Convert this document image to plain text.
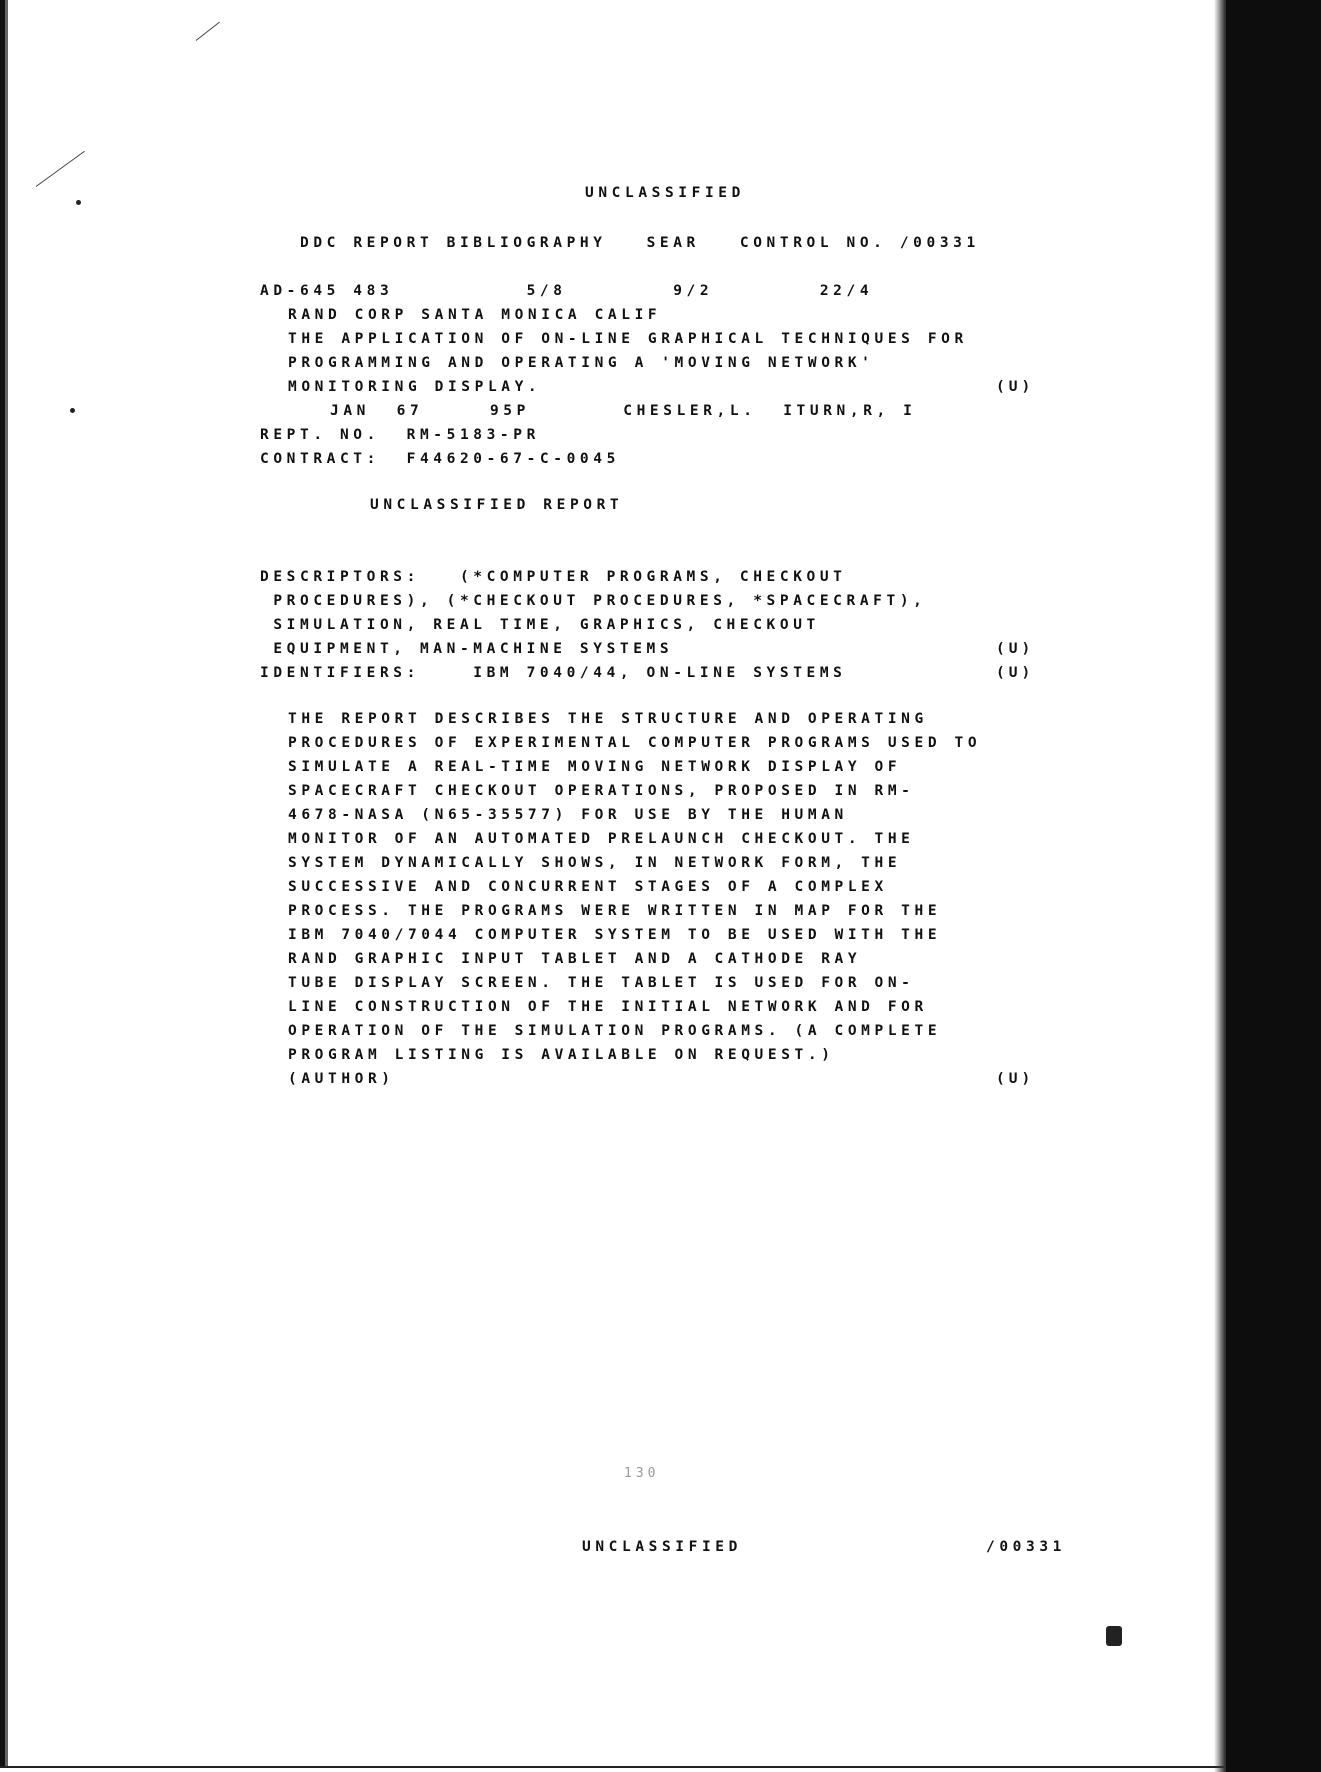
UNCLASSIFIED
DDC REPORT BIBLIOGRAPHY   SEAR   CONTROL NO. /00331
AD-645 483          5/8        9/2        22/4
RAND CORP SANTA MONICA CALIF
THE APPLICATION OF ON-LINE GRAPHICAL TECHNIQUES FOR
PROGRAMMING AND OPERATING A 'MOVING NETWORK'
MONITORING DISPLAY.	(U)
JAN  67     95P       CHESLER,L.  ITURN,R, I
REPT. NO.  RM-5183-PR
CONTRACT:  F44620-67-C-0045
UNCLASSIFIED REPORT
DESCRIPTORS:   (*COMPUTER PROGRAMS, CHECKOUT
PROCEDURES), (*CHECKOUT PROCEDURES, *SPACECRAFT),
SIMULATION, REAL TIME, GRAPHICS, CHECKOUT
EQUIPMENT, MAN-MACHINE SYSTEMS	(U)
IDENTIFIERS:    IBM 7040/44, ON-LINE SYSTEMS	(U)
THE REPORT DESCRIBES THE STRUCTURE AND OPERATING
PROCEDURES OF EXPERIMENTAL COMPUTER PROGRAMS USED TO
SIMULATE A REAL-TIME MOVING NETWORK DISPLAY OF
SPACECRAFT CHECKOUT OPERATIONS, PROPOSED IN RM-
4678-NASA (N65-35577) FOR USE BY THE HUMAN
MONITOR OF AN AUTOMATED PRELAUNCH CHECKOUT. THE
SYSTEM DYNAMICALLY SHOWS, IN NETWORK FORM, THE
SUCCESSIVE AND CONCURRENT STAGES OF A COMPLEX
PROCESS. THE PROGRAMS WERE WRITTEN IN MAP FOR THE
IBM 7040/7044 COMPUTER SYSTEM TO BE USED WITH THE
RAND GRAPHIC INPUT TABLET AND A CATHODE RAY
TUBE DISPLAY SCREEN. THE TABLET IS USED FOR ON-
LINE CONSTRUCTION OF THE INITIAL NETWORK AND FOR
OPERATION OF THE SIMULATION PROGRAMS. (A COMPLETE
PROGRAM LISTING IS AVAILABLE ON REQUEST.)
(AUTHOR)	(U)
130
UNCLASSIFIED	/00331
